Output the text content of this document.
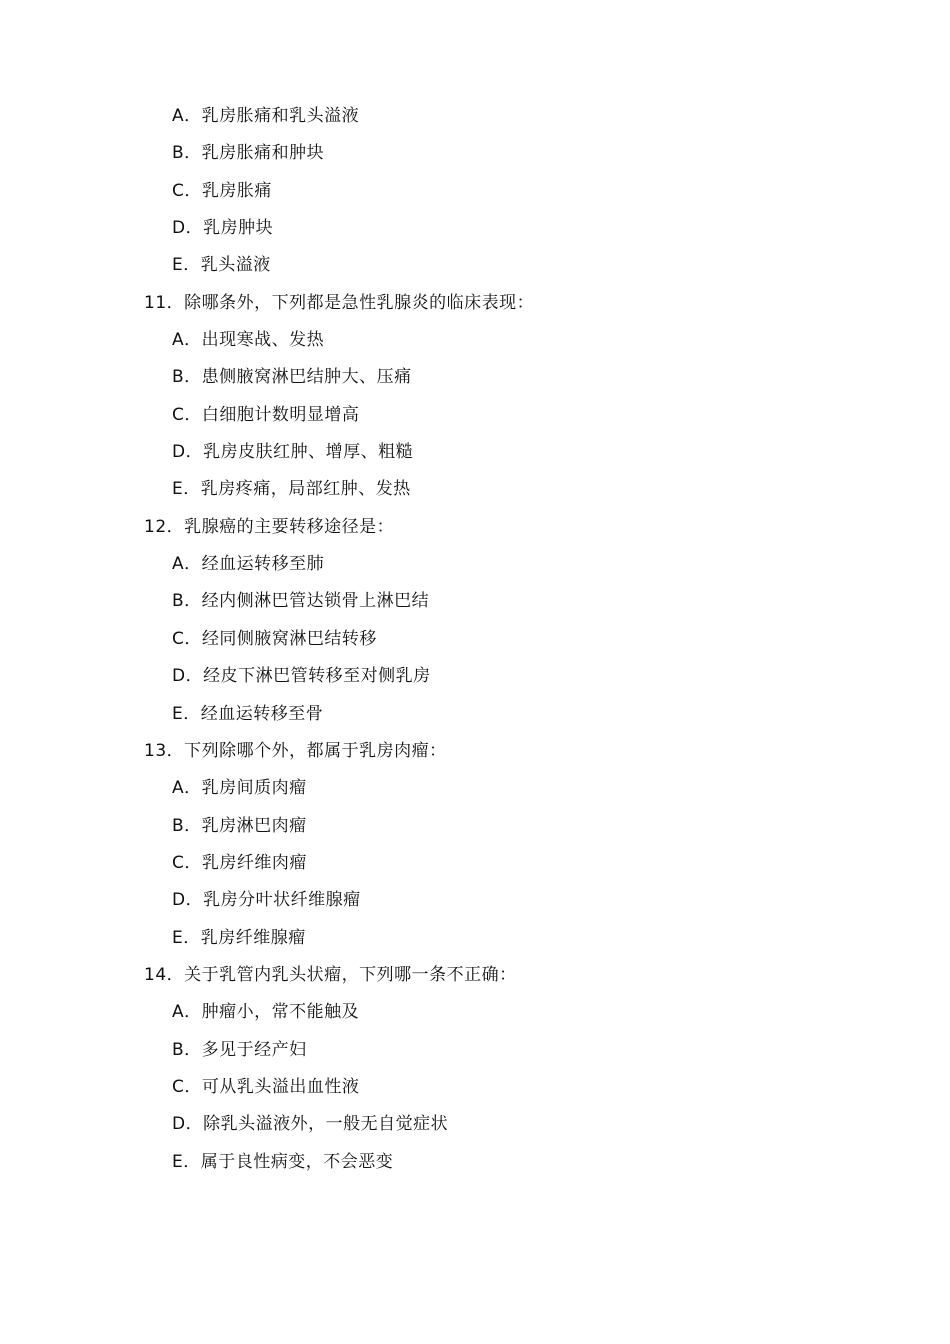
A．乳房胀痛和乳头溢液
B．乳房胀痛和肿块
C．乳房胀痛
D．乳房肿块
E．乳头溢液
11．除哪条外，下列都是急性乳腺炎的临床表现：
A．出现寒战、发热
B．患侧腋窝淋巴结肿大、压痛
C．白细胞计数明显增高
D．乳房皮肤红肿、增厚、粗糙
E．乳房疼痛，局部红肿、发热
12．乳腺癌的主要转移途径是：
A．经血运转移至肺
B．经内侧淋巴管达锁骨上淋巴结
C．经同侧腋窝淋巴结转移
D．经皮下淋巴管转移至对侧乳房
E．经血运转移至骨
13．下列除哪个外，都属于乳房肉瘤：
A．乳房间质肉瘤
B．乳房淋巴肉瘤
C．乳房纤维肉瘤
D．乳房分叶状纤维腺瘤
E．乳房纤维腺瘤
14．关于乳管内乳头状瘤，下列哪一条不正确：
A．肿瘤小，常不能触及
B．多见于经产妇
C．可从乳头溢出血性液
D．除乳头溢液外，一般无自觉症状
E．属于良性病变，不会恶变
